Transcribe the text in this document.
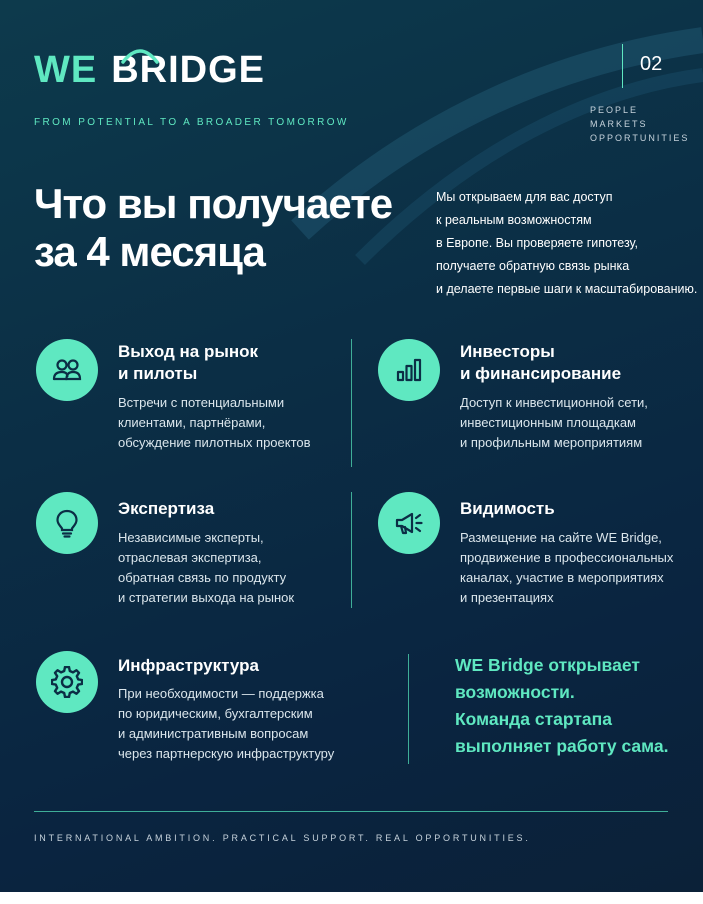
WE BRIDGE
FROM POTENTIAL TO A BROADER TOMORROW
02
PEOPLE
MARKETS
OPPORTUNITIES
Что вы получаете
за 4 месяца
Мы открываем для вас доступ
к реальным возможностям
в Европе. Вы проверяете гипотезу,
получаете обратную связь рынка
и делаете первые шаги к масштабированию.
Выход на рынок
и пилоты
Встречи с потенциальными
клиентами, партнёрами,
обсуждение пилотных проектов
Инвесторы
и финансирование
Доступ к инвестиционной сети,
инвестиционным площадкам
и профильным мероприятиям
Экспертиза
Независимые эксперты,
отраслевая экспертиза,
обратная связь по продукту
и стратегии выхода на рынок
Видимость
Размещение на сайте WE Bridge,
продвижение в профессиональных
каналах, участие в мероприятиях
и презентациях
Инфраструктура
При необходимости — поддержка
по юридическим, бухгалтерским
и административным вопросам
через партнерскую инфраструктуру
WE Bridge открывает
возможности.
Команда стартапа
выполняет работу сама.
INTERNATIONAL AMBITION. PRACTICAL SUPPORT. REAL OPPORTUNITIES.
